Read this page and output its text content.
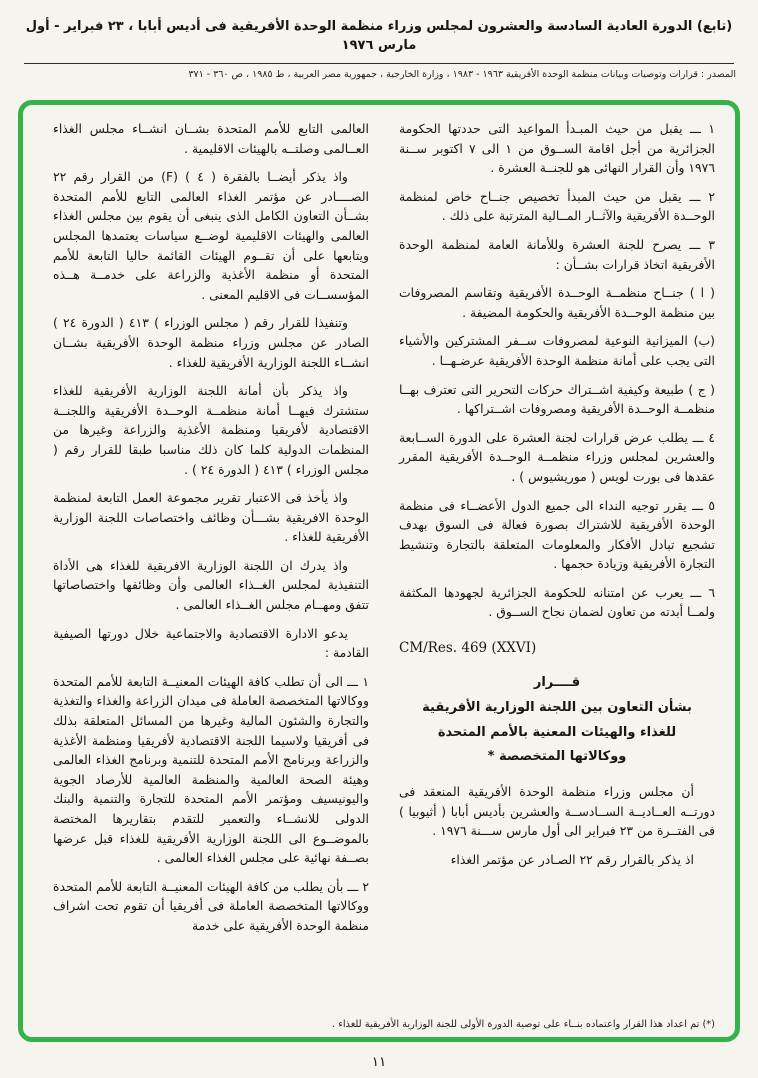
(تابع) الدورة العادية السادسة والعشرون لمجلس وزراء منظمة الوحدة الأفريقية فى أديس أبابا ، ٢٣ فبراير - أول مارس ١٩٧٦
المصدر : قرارات وتوصيات وبيانات منظمة الوحدة الأفريقية ١٩٦٣ - ١٩٨٣ ، وزارة الخارجية ، جمهورية مصر العربية ، ط ١٩٨٥ ، ص ٣٦٠ - ٣٧١

١ ـــ يقبل من حيث المبـدأ المواعيد التى حددتها الحكومة الجزائرية من أجل اقامة الســوق من ١ الى ٧ اكتوبر ســنة ١٩٧٦ وأن القرار النهائى هو للجنــة العشرة .

٢ ـــ يقبل من حيث المبدأ تخصيص جنــاح خاص لمنظمة الوحــدة الأفريقية والآثــار المــالية المترتبة على ذلك .

٣ ـــ يصرح للجنة العشرة وللأمانة العامة لمنظمة الوحدة الأفريقية اتخاذ قرارات بشــأن :

( ا ) جنــاح منظمــة الوحــدة الأفريقية وتقاسم المصروفات بين منظمة الوحــدة الأفريقية والحكومة المضيفة .

(ب) الميزانية النوعية لمصروفات ســفر المشتركين والأشياء التى يجب على أمانة منظمة الوحدة الأفريقية عرضـهــا .

( ج ) طبيعة وكيفية اشــتراك حركات التحرير التى تعترف بهــا منظمــة الوحــدة الأفريقية ومصروفات اشــتراكها .

٤ ـــ يطلب عرض قرارات لجنة العشرة على الدورة الســابعة والعشرين لمجلس وزراء منظمــة الوحــدة الأفريقية المقرر عقدها فى بورت لويس ( موريشيوس ) .

٥ ـــ يقرر توجيه النداء الى جميع الدول الأعضــاء فى منظمة الوحدة الأفريقية للاشتراك بصورة فعالة فى السوق بهدف تشجيع تبادل الأفكار والمعلومات المتعلقة بالتجارة وتنشيط التجارة الأفريقية وزيادة حجمها .

٦ ـــ يعرب عن امتنانه للحكومة الجزائرية لجهودها المكثفة ولمــا أبدته من تعاون لضمان نجاح الســوق .

CM/Res. 469 (XXVI)

قــــرار
بشأن التعاون بين اللجنة الوزارية الأفريقية
للغذاء والهيئات المعنية بالأمم المتحدة
ووكالاتها المتخصصة *

أن مجلس وزراء منظمة الوحدة الأفريقية المنعقد فى دورتــه العــاديــة الســادســة والعشرين بأديس أبابا ( أثيوبيا ) فى الفتــرة من ٢٣ فبراير الى أول مارس ســـنة ١٩٧٦ .

اذ يذكر بالقرار رقم ٢٢ الصـادر عن مؤتمر الغذاء

العالمى التابع للأمم المتحدة بشــان انشــاء مجلس الغذاء العــالمى وصلتــه بالهيئات الاقليمية .

واذ يذكر أيضــا بالفقرة ( ٤ ) (F) من القرار رقم ٢٢ الصــــادر عن مؤتمر الغذاء العالمى التابع للأمم المتحدة بشــأن التعاون الكامل الذى ينبغى أن يقوم بين مجلس الغذاء العالمى والهيئات الاقليمية لوضــع سياسات يعتمدها المجلس ويتابعها على أن تقــوم الهيئات القائمة حاليا التابعة للأمم المتحدة أو منظمة الأغذية والزراعة على خدمــة هــذه المؤسســات فى الاقليم المعنى .

وتنفيذا للقرار رقم ( مجلس الوزراء ) ٤١٣ ( الدورة ٢٤ ) الصادر عن مجلس وزراء منظمة الوحدة الأفريقية بشــان انشــاء اللجنة الوزارية الأفريقية للغذاء .

واذ يذكر بأن أمانة اللجنة الوزارية الأفريقية للغذاء ستشترك فيهــا أمانة منظمــة الوحــدة الأفريقية واللجنــة الاقتصادية لأفريقيا ومنظمة الأغذية والزراعة وغيرها من المنظمات الدولية كلما كان ذلك مناسبا طبقا للقرار رقم ( مجلس الوزراء ) ٤١٣ ( الدورة ٢٤ ) .

واذ يأخذ فى الاعتبار تقرير مجموعة العمل التابعة لمنظمة الوحدة الافريقية بشـــأن وظائف واختصاصات اللجنة الوزارية الأفريقية للغذاء .

واذ يدرك ان اللجنة الوزارية الافريقية للغذاء هى الأداة التنفيذية لمجلس الغــذاء العالمى وأن وظائفها واختصاصاتها تتفق ومهــام مجلس الغــذاء العالمى .

يدعو الادارة الاقتصادية والاجتماعية خلال دورتها الصيفية القادمة :

١ ـــ الى أن تطلب كافة الهيئات المعنيــة التابعة للأمم المتحدة ووكالاتها المتخصصة العاملة فى ميدان الزراعة والغذاء والتغذية والتجارة والشئون المالية وغيرها من المسائل المتعلقة بذلك فى أفريقيا ولاسيما اللجنة الاقتصادية لأفريقيا ومنظمة الأغذية والزراعة وبرنامج الأمم المتحدة للتنمية وبرنامج الغذاء العالمى وهيئة الصحة العالمية والمنظمة العالمية للأرصاد الجوية واليونيسيف ومؤتمر الأمم المتحدة للتجارة والتنمية والبنك الدولى للانشــاء والتعمير للتقدم بتقاريرها المختصة بالموضــوع الى اللجنة الوزارية الأفريقية للغذاء قبل عرضها بصــفة نهائية على مجلس الغذاء العالمى .

٢ ـــ بأن يطلب من كافة الهيئات المعنيــة التابعة للأمم المتحدة ووكالاتها المتخصصة العاملة فى أفريقيا أن تقوم تحت اشراف منظمة الوحدة الأفريقية على خدمة

(*) تم اعداد هذا القرار واعتماده بنــاء على توصية الدورة الأولى للجنة الوزارية الأفريقية للغذاء .
١١
